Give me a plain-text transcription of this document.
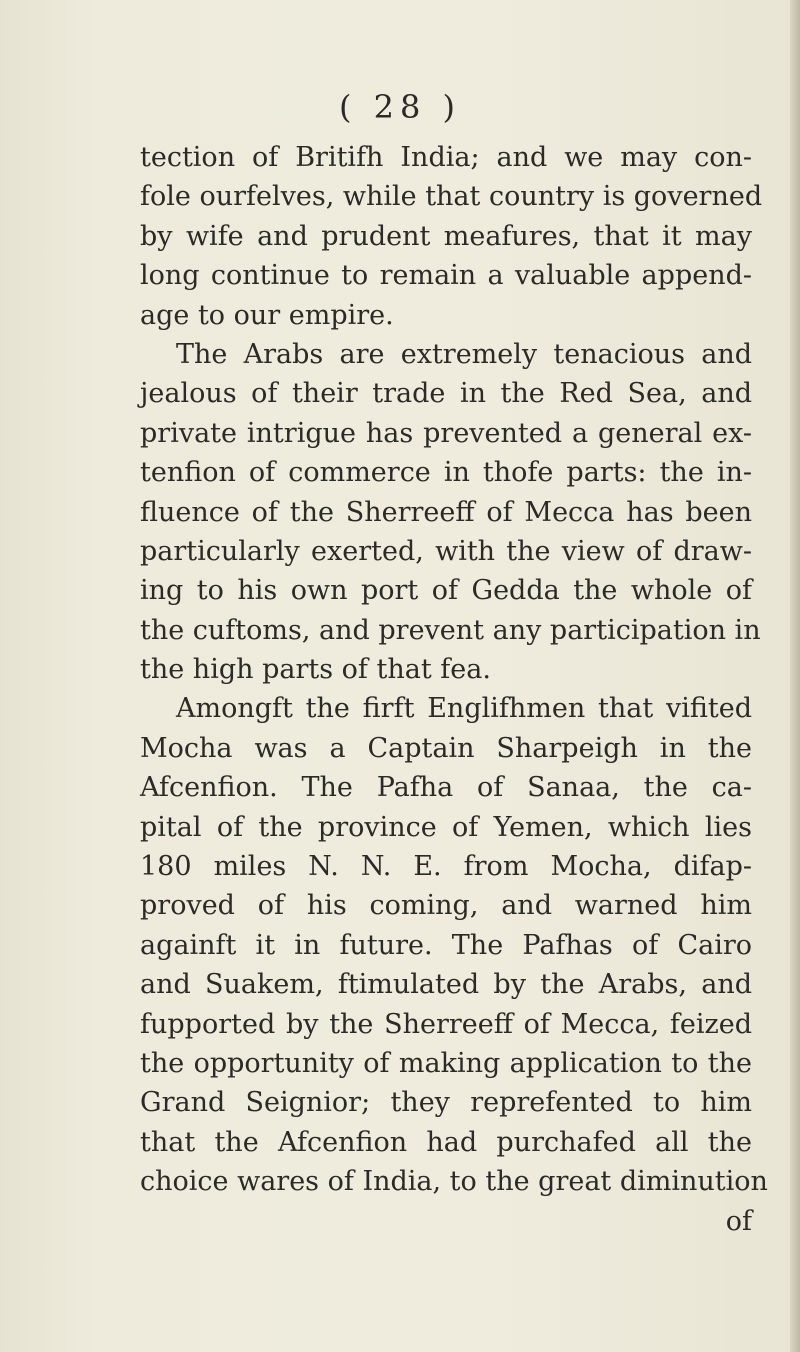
( 28 )
tection of Britifh India; and we may con-
fole ourfelves, while that country is governed
by wife and prudent meafures, that it may
long continue to remain a valuable append-
age to our empire.
The Arabs are extremely tenacious and
jealous of their trade in the Red Sea, and
private intrigue has prevented a general ex-
tenfion of commerce in thofe parts: the in-
fluence of the Sherreeff of Mecca has been
particularly exerted, with the view of draw-
ing to his own port of Gedda the whole of
the cuftoms, and prevent any participation in
the high parts of that fea.
Amongft the firft Englifhmen that vifited
Mocha was a Captain Sharpeigh in the
Afcenfion. The Pafha of Sanaa, the ca-
pital of the province of Yemen, which lies
180 miles N. N. E. from Mocha, difap-
proved of his coming, and warned him
againft it in future. The Pafhas of Cairo
and Suakem, ftimulated by the Arabs, and
fupported by the Sherreeff of Mecca, feized
the opportunity of making application to the
Grand Seignior; they reprefented to him
that the Afcenfion had purchafed all the
choice wares of India, to the great diminution
of
